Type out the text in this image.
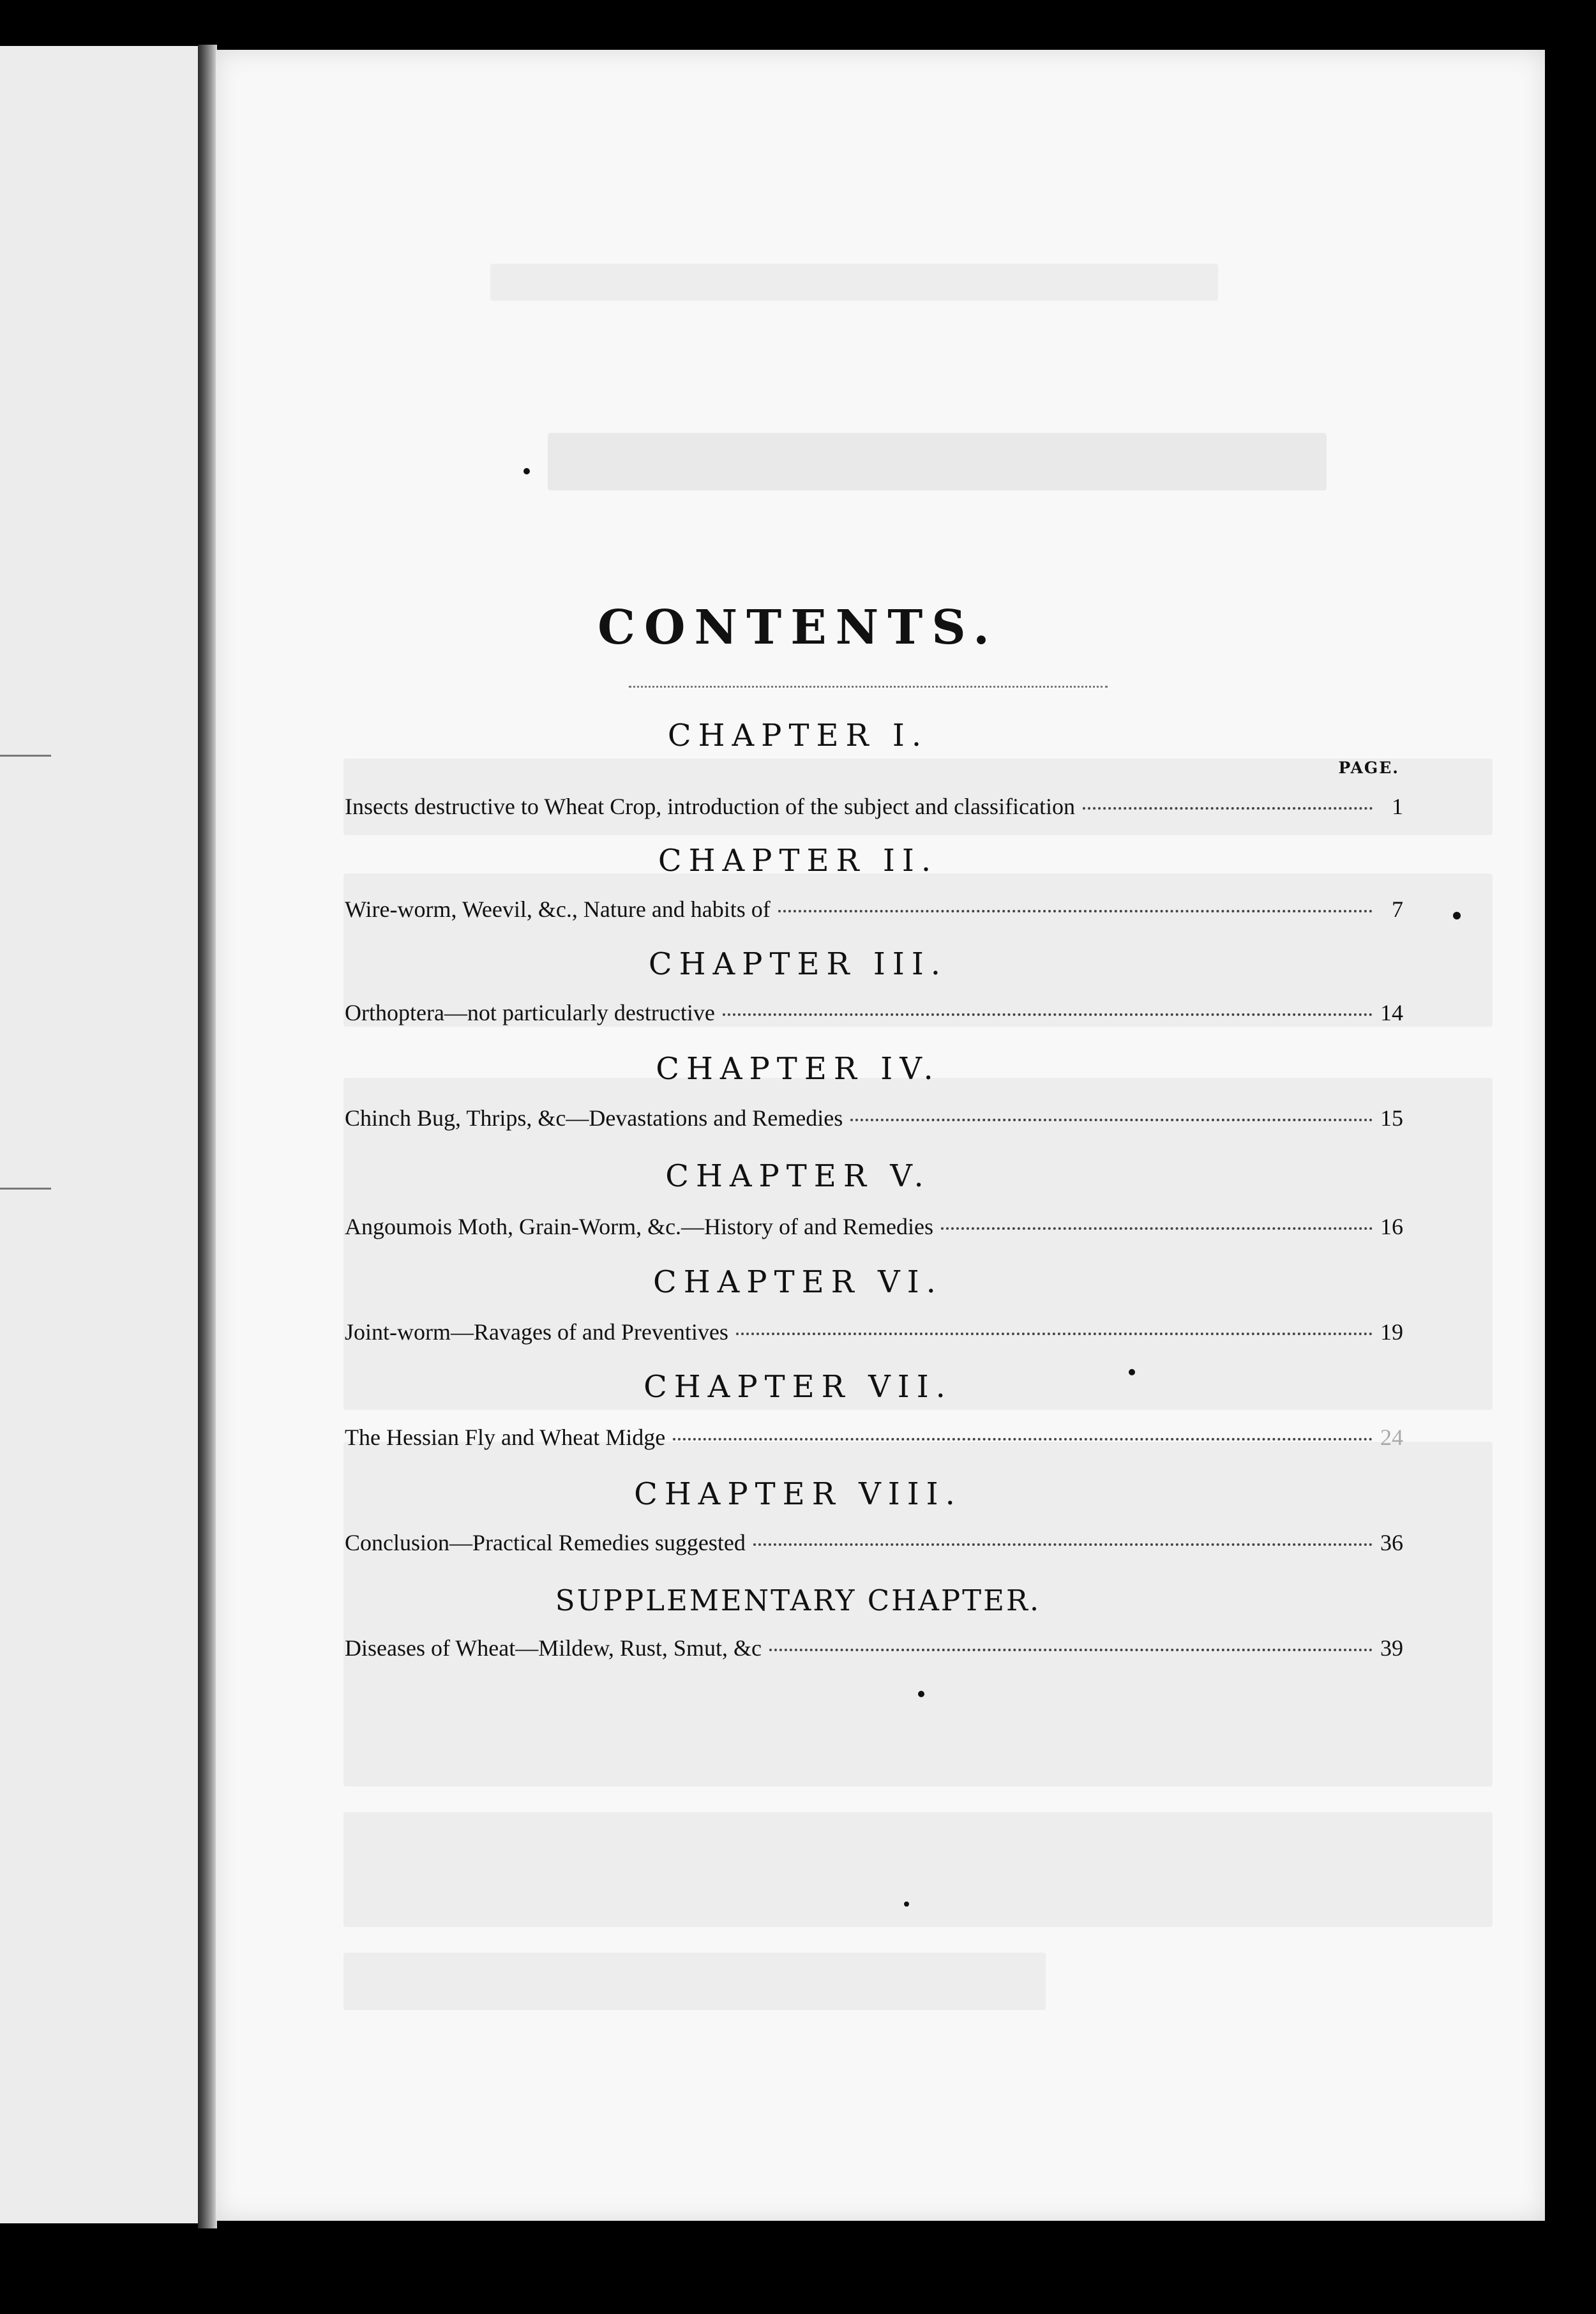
CONTENTS.
PAGE.
CHAPTER I.
Insects destructive to Wheat Crop, introduction of the subject and classification	1
CHAPTER II.
Wire-worm, Weevil, &c., Nature and habits of	7
CHAPTER III.
Orthoptera—not particularly destructive	14
CHAPTER IV.
Chinch Bug, Thrips, &c—Devastations and Remedies	15
CHAPTER V.
Angoumois Moth, Grain-Worm, &c.—History of and Remedies	16
CHAPTER VI.
Joint-worm—Ravages of and Preventives	19
CHAPTER VII.
The Hessian Fly and Wheat Midge	24
CHAPTER VIII.
Conclusion—Practical Remedies suggested	36
SUPPLEMENTARY CHAPTER.
Diseases of Wheat—Mildew, Rust, Smut, &c	39
